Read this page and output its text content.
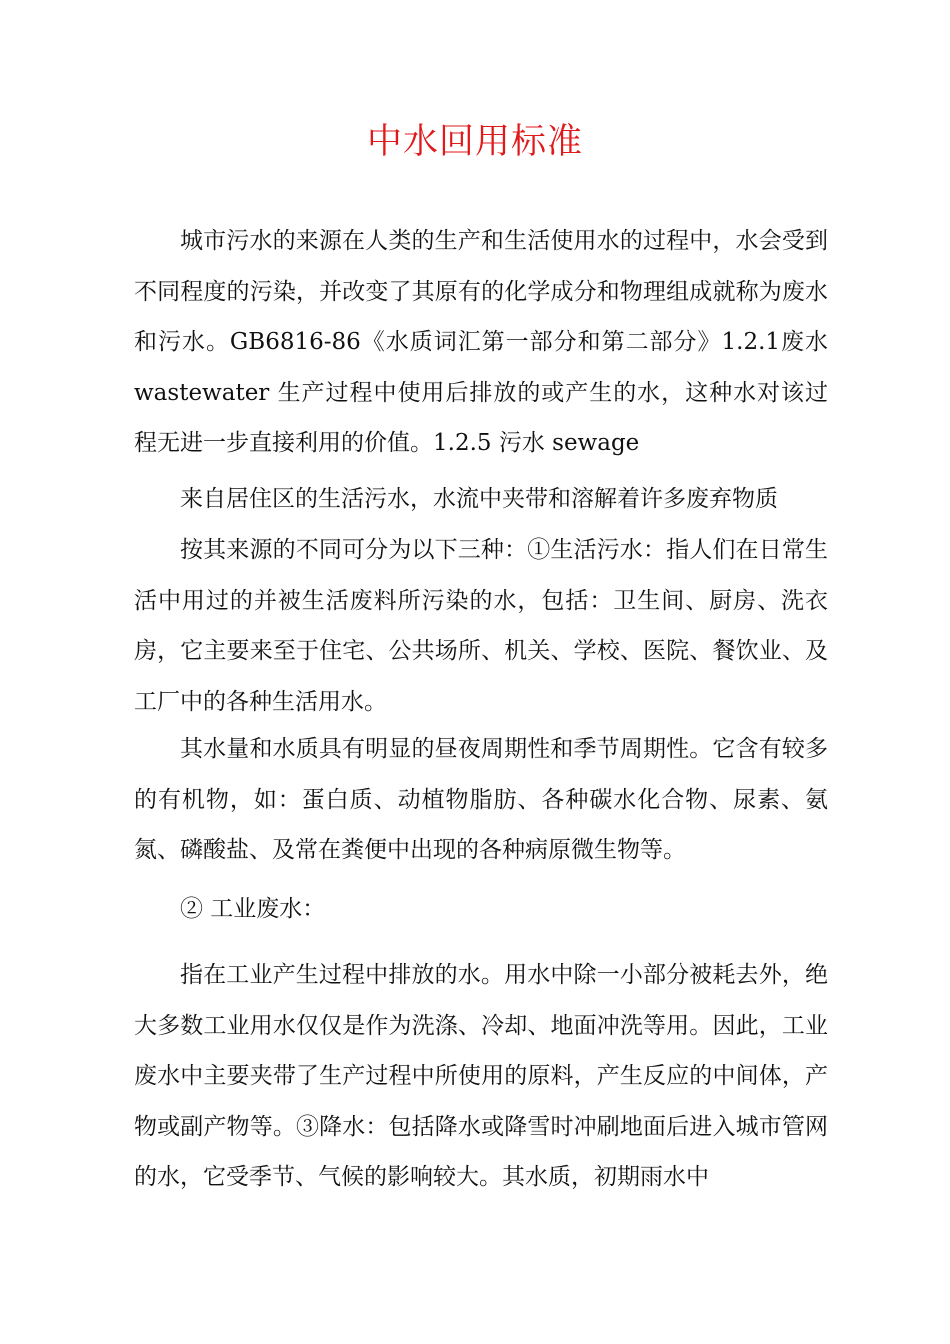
中水回用标准

城市污水的来源在人类的生产和生活使用水的过程中，水会受到不同程度的污染，并改变了其原有的化学成分和物理组成就称为废水和污水。GB6816-86《水质词汇第一部分和第二部分》1.2.1废水 wastewater 生产过程中使用后排放的或产生的水，这种水对该过程无进一步直接利用的价值。1.2.5 污水 sewage

来自居住区的生活污水，水流中夹带和溶解着许多废弃物质

按其来源的不同可分为以下三种：①生活污水：指人们在日常生活中用过的并被生活废料所污染的水，包括：卫生间、厨房、洗衣房，它主要来至于住宅、公共场所、机关、学校、医院、餐饮业、及工厂中的各种生活用水。

其水量和水质具有明显的昼夜周期性和季节周期性。它含有较多的有机物，如：蛋白质、动植物脂肪、各种碳水化合物、尿素、氨氮、磷酸盐、及常在粪便中出现的各种病原微生物等。

② 工业废水：

指在工业产生过程中排放的水。用水中除一小部分被耗去外，绝大多数工业用水仅仅是作为洗涤、冷却、地面冲洗等用。因此，工业废水中主要夹带了生产过程中所使用的原料，产生反应的中间体，产物或副产物等。③降水：包括降水或降雪时冲刷地面后进入城市管网的水，它受季节、气候的影响较大。其水质，初期雨水中
